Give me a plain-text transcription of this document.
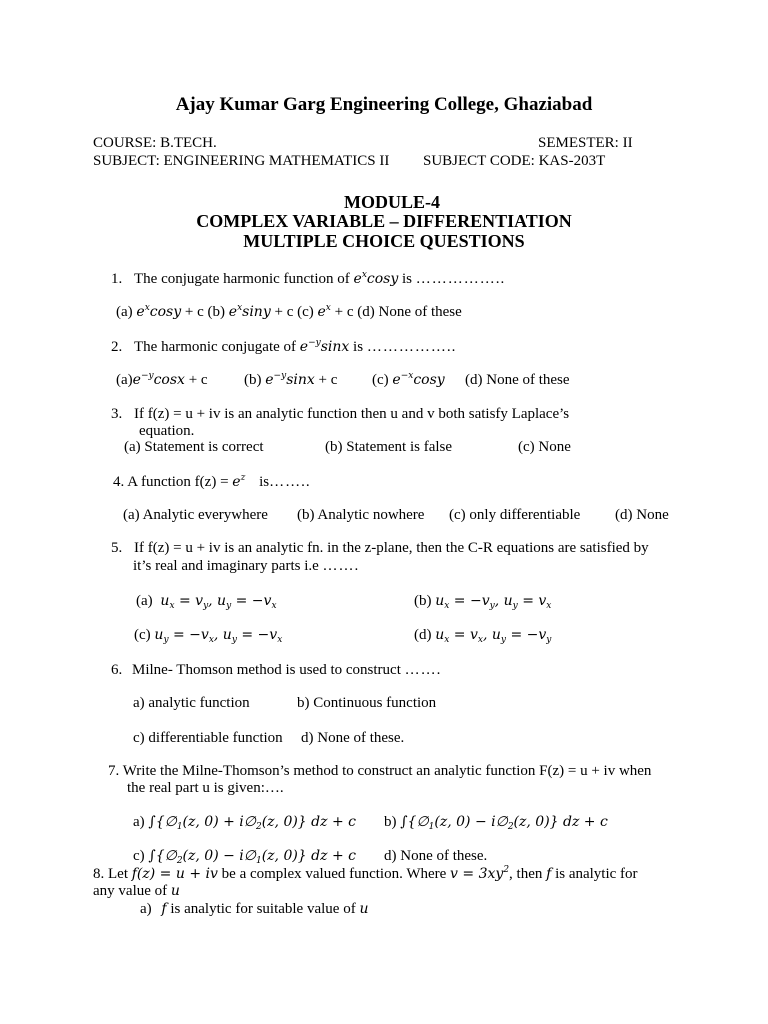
Ajay Kumar Garg Engineering College, Ghaziabad
COURSE: B.TECH.	SEMESTER: II
SUBJECT: ENGINEERING MATHEMATICS II SUBJECT CODE: KAS-203T
MODULE-4
COMPLEX VARIABLE – DIFFERENTIATION
MULTIPLE CHOICE QUESTIONS
1. The conjugate harmonic function of $e^x\cos y$ is ……………..
(a) $e^x\cos y + c$ (b) $e^x\sin y + c$ (c) $e^x + c$ (d) None of these
2. The harmonic conjugate of $e^{-y}\sin x$ is ……………..
$(a)e^{-y}\cos x + c$ (b) $e^{-y}\sin x + c$ (c) $e^{-x}\cos y$ (d) None of these
3. If f(z) = u + iv is an analytic function then u and v both satisfy Laplace’s
equation.
(a) Statement is correct	(b) Statement is false	(c) None
4. A function $f(z) = e^z$ is……..
(a) Analytic everywhere (b) Analytic nowhere (c) only differentiable (d) None
5. If f(z) = u + iv is an analytic fn. in the z-plane, then the C-R equations are satisfied by
it’s real and imaginary parts i.e …….
(a) $u_x = v_y$, $u_y = -v_x$	(b) $u_x = -v_y$, $u_y = v_x$
(c) $u_y = -v_x$, $u_y = -v_x$	(d) $u_x = v_x$, $u_y = -v_y$
6. Milne- Thomson method is used to construct …….
a) analytic function	b) Continuous function
c) differentiable function d) None of these.
7. Write the Milne-Thomson’s method to construct an analytic function F(z) = u + iv when
the real part u is given:….
a) $\int\{\emptyset_1(z$, $0) + i\emptyset_2(z$, 0)} dz + c b) $\int\{\emptyset_1(z$, $0) - i\emptyset_2(z$, 0)} dz + c
c) $\int\{\emptyset_2(z$, $0) - i\emptyset_1(z$, 0)} dz + c d) None of these.
8. Let f(z) = u + iv be a complex valued function. Where $v = 3xy^2$, then f is analytic for
any value of u
a) f is analytic for suitable value of u
